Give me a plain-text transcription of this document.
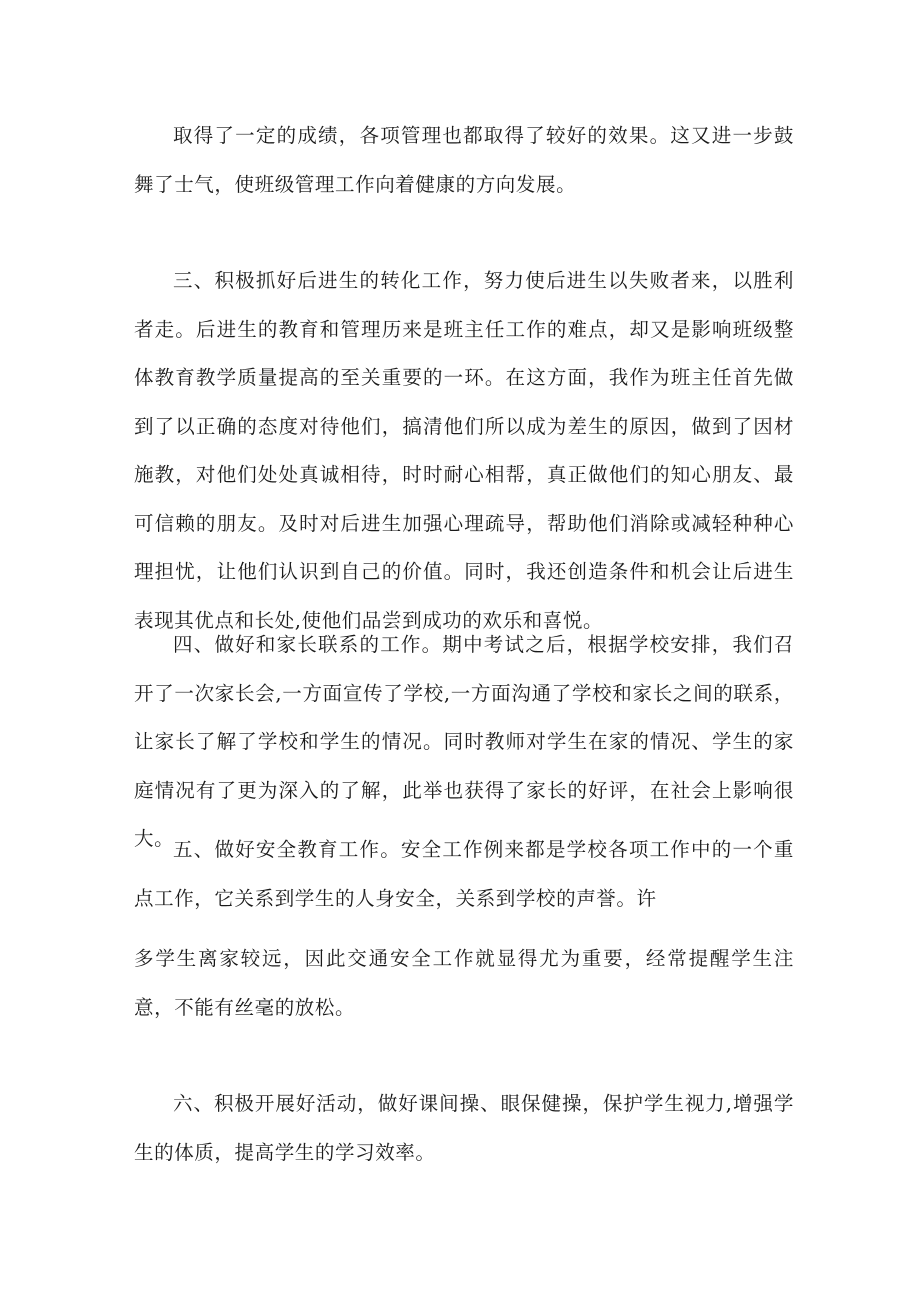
取得了一定的成绩，各项管理也都取得了较好的效果。这又进一步鼓舞了士气，使班级管理工作向着健康的方向发展。

三、积极抓好后进生的转化工作，努力使后进生以失败者来，以胜利者走。后进生的教育和管理历来是班主任工作的难点，却又是影响班级整体教育教学质量提高的至关重要的一环。在这方面，我作为班主任首先做到了以正确的态度对待他们，搞清他们所以成为差生的原因，做到了因材施教，对他们处处真诚相待，时时耐心相帮，真正做他们的知心朋友、最可信赖的朋友。及时对后进生加强心理疏导，帮助他们消除或减轻种种心理担忧，让他们认识到自己的价值。同时，我还创造条件和机会让后进生表现其优点和长处,使他们品尝到成功的欢乐和喜悦。

四、做好和家长联系的工作。期中考试之后，根据学校安排，我们召开了一次家长会,一方面宣传了学校,一方面沟通了学校和家长之间的联系，让家长了解了学校和学生的情况。同时教师对学生在家的情况、学生的家庭情况有了更为深入的了解，此举也获得了家长的好评，在社会上影响很大。

五、做好安全教育工作。安全工作例来都是学校各项工作中的一个重点工作，它关系到学生的人身安全，关系到学校的声誉。许

多学生离家较远，因此交通安全工作就显得尤为重要，经常提醒学生注意，不能有丝毫的放松。

六、积极开展好活动，做好课间操、眼保健操，保护学生视力,增强学生的体质，提高学生的学习效率。
